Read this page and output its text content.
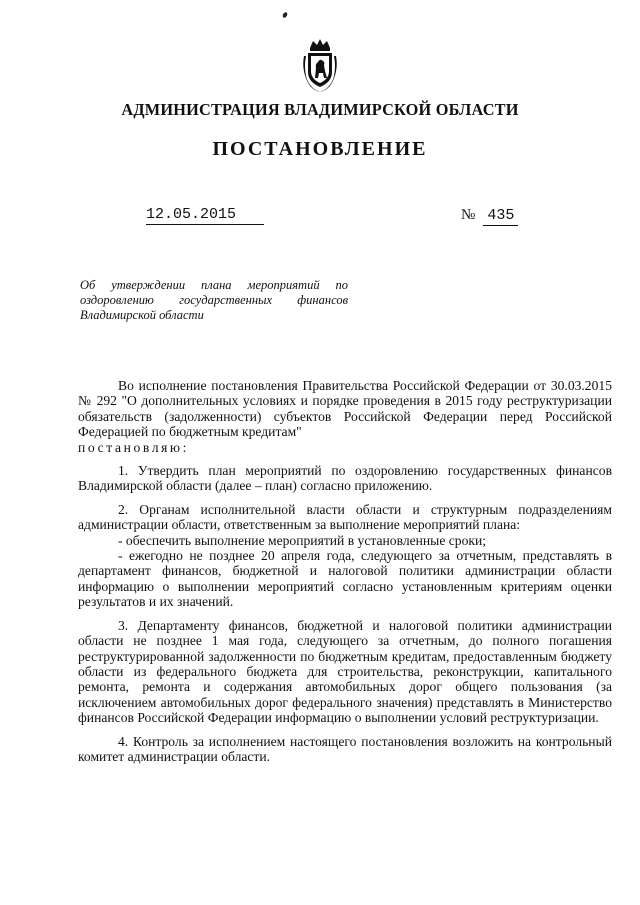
АДМИНИСТРАЦИЯ ВЛАДИМИРСКОЙ ОБЛАСТИ
ПОСТАНОВЛЕНИЕ
12.05.2015	№ 435
Об утверждении плана мероприятий по
оздоровлению государственных финансов
Владимирской области

Во исполнение постановления Правительства Российской Федерации от 30.03.2015 № 292 "О дополнительных условиях и порядке проведения в 2015 году реструктуризации обязательств (задолженности) субъектов Российской Федерации перед Российской Федерацией по бюджетным кредитам"

постановляю:

1. Утвердить план мероприятий по оздоровлению государственных финансов Владимирской области (далее – план) согласно приложению.

2. Органам исполнительной власти области и структурным подразделениям администрации области, ответственным за выполнение мероприятий плана:

- обеспечить выполнение мероприятий в установленные сроки;

- ежегодно не позднее 20 апреля года, следующего за отчетным, представлять в департамент финансов, бюджетной и налоговой политики администрации области информацию о выполнении мероприятий согласно установленным критериям оценки результатов и их значений.

3. Департаменту финансов, бюджетной и налоговой политики администрации области не позднее 1 мая года, следующего за отчетным, до полного погашения реструктурированной задолженности по бюджетным кредитам, предоставленным бюджету области из федерального бюджета для строительства, реконструкции, капитального ремонта, ремонта и содержания автомобильных дорог общего пользования (за исключением автомобильных дорог федерального значения) представлять в Министерство финансов Российской Федерации информацию о выполнении условий реструктуризации.

4. Контроль за исполнением настоящего постановления возложить на контрольный комитет администрации области.
